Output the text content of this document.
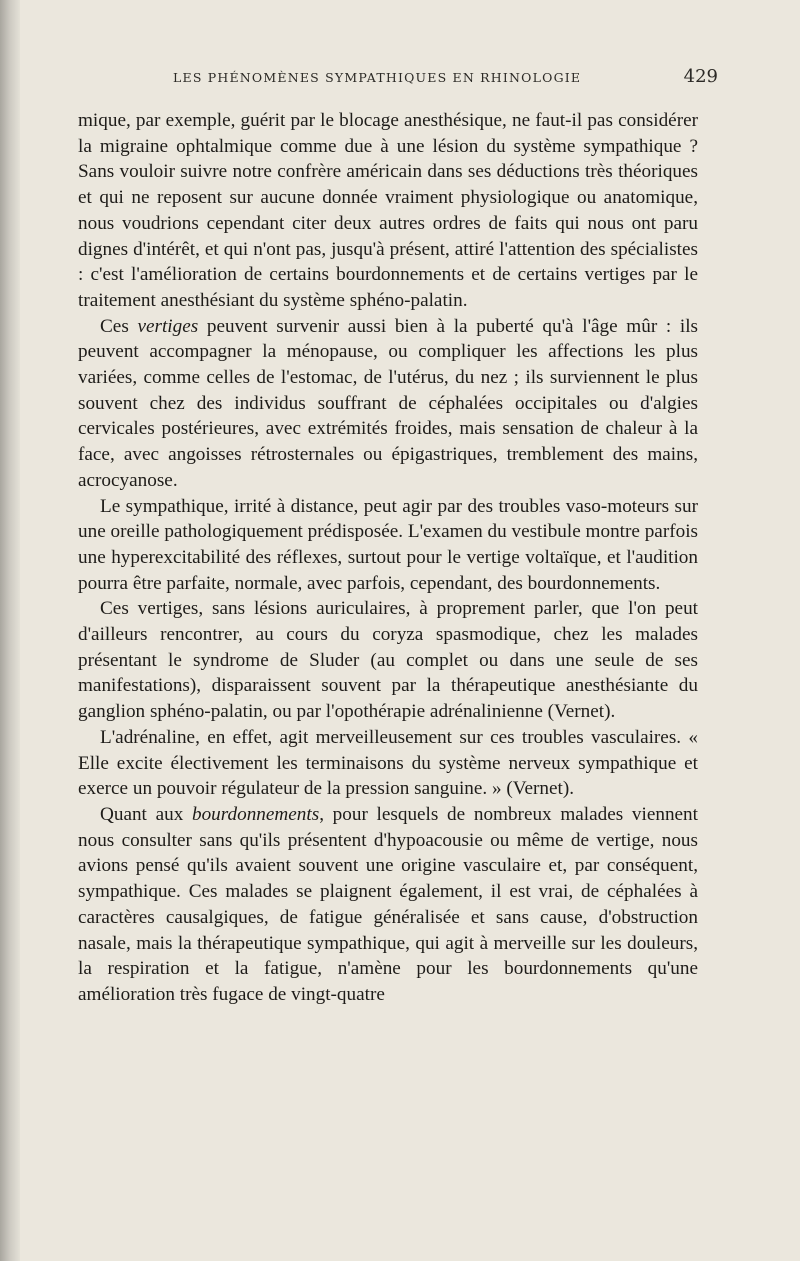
LES PHÉNOMÈNES SYMPATHIQUES EN RHINOLOGIE	429

mique, par exemple, guérit par le blocage anesthésique, ne faut-il pas considérer la migraine ophtalmique comme due à une lésion du système sympathique ? Sans vouloir suivre notre confrère américain dans ses déductions très théoriques et qui ne reposent sur aucune donnée vraiment physiologique ou anatomique, nous voudrions cependant citer deux autres ordres de faits qui nous ont paru dignes d'intérêt, et qui n'ont pas, jusqu'à présent, attiré l'attention des spécialistes : c'est l'amélioration de certains bourdonnements et de certains vertiges par le traitement anesthésiant du système sphéno-palatin.

Ces vertiges peuvent survenir aussi bien à la puberté qu'à l'âge mûr : ils peuvent accompagner la ménopause, ou compliquer les affections les plus variées, comme celles de l'estomac, de l'utérus, du nez ; ils surviennent le plus souvent chez des individus souffrant de céphalées occipitales ou d'algies cervicales postérieures, avec extrémités froides, mais sensation de chaleur à la face, avec angoisses rétrosternales ou épigastriques, tremblement des mains, acrocyanose.

Le sympathique, irrité à distance, peut agir par des troubles vaso-moteurs sur une oreille pathologiquement prédisposée. L'examen du vestibule montre parfois une hyperexcitabilité des réflexes, surtout pour le vertige voltaïque, et l'audition pourra être parfaite, normale, avec parfois, cependant, des bourdonnements.

Ces vertiges, sans lésions auriculaires, à proprement parler, que l'on peut d'ailleurs rencontrer, au cours du coryza spasmodique, chez les malades présentant le syndrome de Sluder (au complet ou dans une seule de ses manifestations), disparaissent souvent par la thérapeutique anesthésiante du ganglion sphéno-palatin, ou par l'opothérapie adrénalinienne (Vernet).

L'adrénaline, en effet, agit merveilleusement sur ces troubles vasculaires. « Elle excite électivement les terminaisons du système nerveux sympathique et exerce un pouvoir régulateur de la pression sanguine. » (Vernet).

Quant aux bourdonnements, pour lesquels de nombreux malades viennent nous consulter sans qu'ils présentent d'hypoacousie ou même de vertige, nous avions pensé qu'ils avaient souvent une origine vasculaire et, par conséquent, sympathique. Ces malades se plaignent également, il est vrai, de céphalées à caractères causalgiques, de fatigue généralisée et sans cause, d'obstruction nasale, mais la thérapeutique sympathique, qui agit à merveille sur les douleurs, la respiration et la fatigue, n'amène pour les bourdonnements qu'une amélioration très fugace de vingt-quatre
